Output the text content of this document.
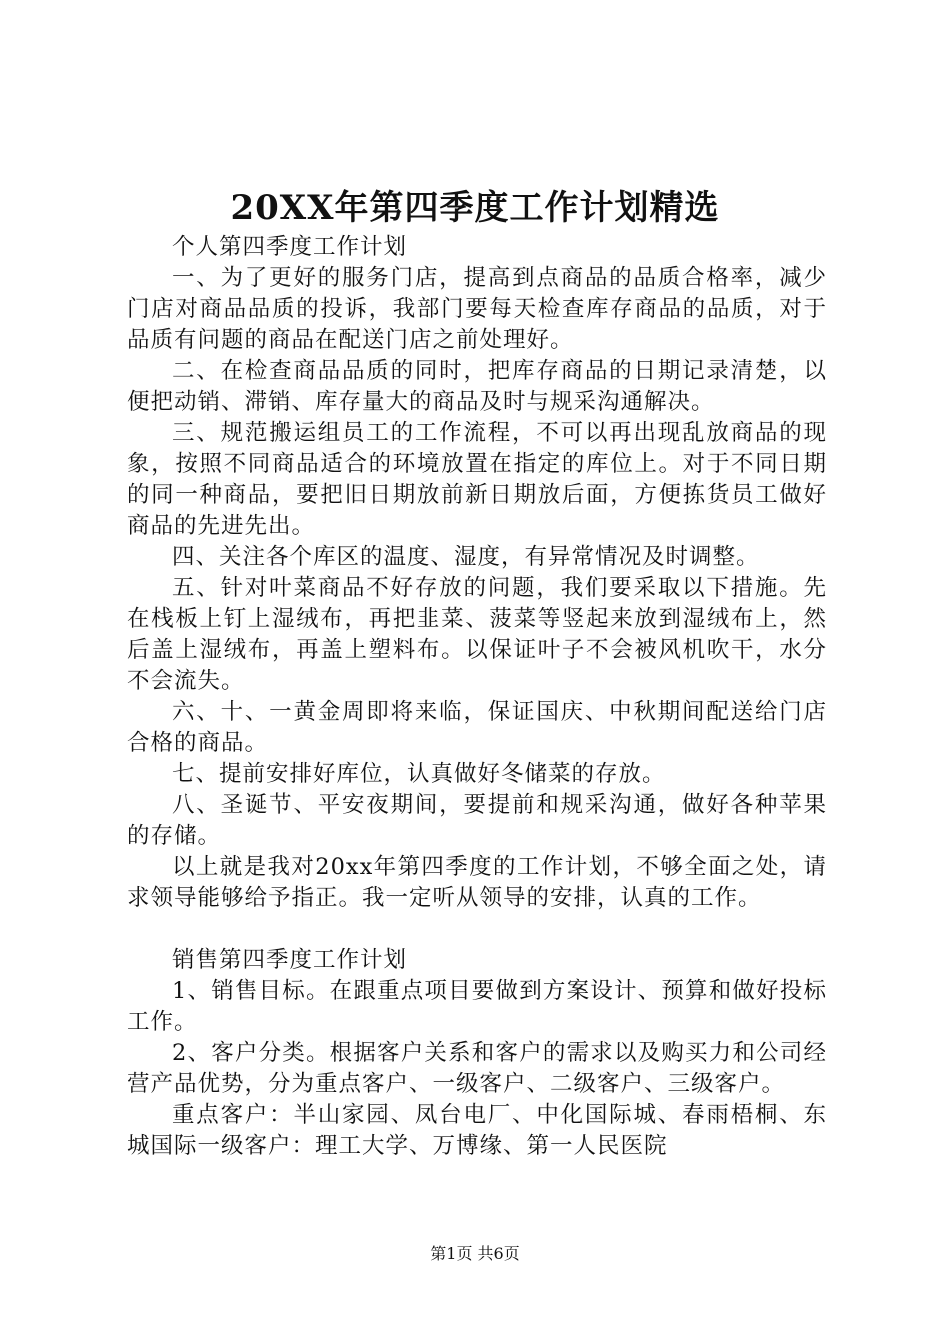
20XX年第四季度工作计划精选

个人第四季度工作计划

一、为了更好的服务门店，提高到点商品的品质合格率，减少门店对商品品质的投诉，我部门要每天检查库存商品的品质，对于品质有问题的商品在配送门店之前处理好。

二、在检查商品品质的同时，把库存商品的日期记录清楚，以便把动销、滞销、库存量大的商品及时与规采沟通解决。

三、规范搬运组员工的工作流程，不可以再出现乱放商品的现象，按照不同商品适合的环境放置在指定的库位上。对于不同日期的同一种商品，要把旧日期放前新日期放后面，方便拣货员工做好商品的先进先出。

四、关注各个库区的温度、湿度，有异常情况及时调整。

五、针对叶菜商品不好存放的问题，我们要采取以下措施。先在栈板上钉上湿绒布，再把韭菜、菠菜等竖起来放到湿绒布上，然后盖上湿绒布，再盖上塑料布。以保证叶子不会被风机吹干，水分不会流失。

六、十、一黄金周即将来临，保证国庆、中秋期间配送给门店合格的商品。

七、提前安排好库位，认真做好冬储菜的存放。

八、圣诞节、平安夜期间，要提前和规采沟通，做好各种苹果的存储。

以上就是我对20xx年第四季度的工作计划，不够全面之处，请求领导能够给予指正。我一定听从领导的安排，认真的工作。

销售第四季度工作计划

1、销售目标。在跟重点项目要做到方案设计、预算和做好投标工作。

2、客户分类。根据客户关系和客户的需求以及购买力和公司经营产品优势，分为重点客户、一级客户、二级客户、三级客户。

重点客户：半山家园、凤台电厂、中化国际城、春雨梧桐、东城国际一级客户：理工大学、万博缘、第一人民医院

第1页 共6页
